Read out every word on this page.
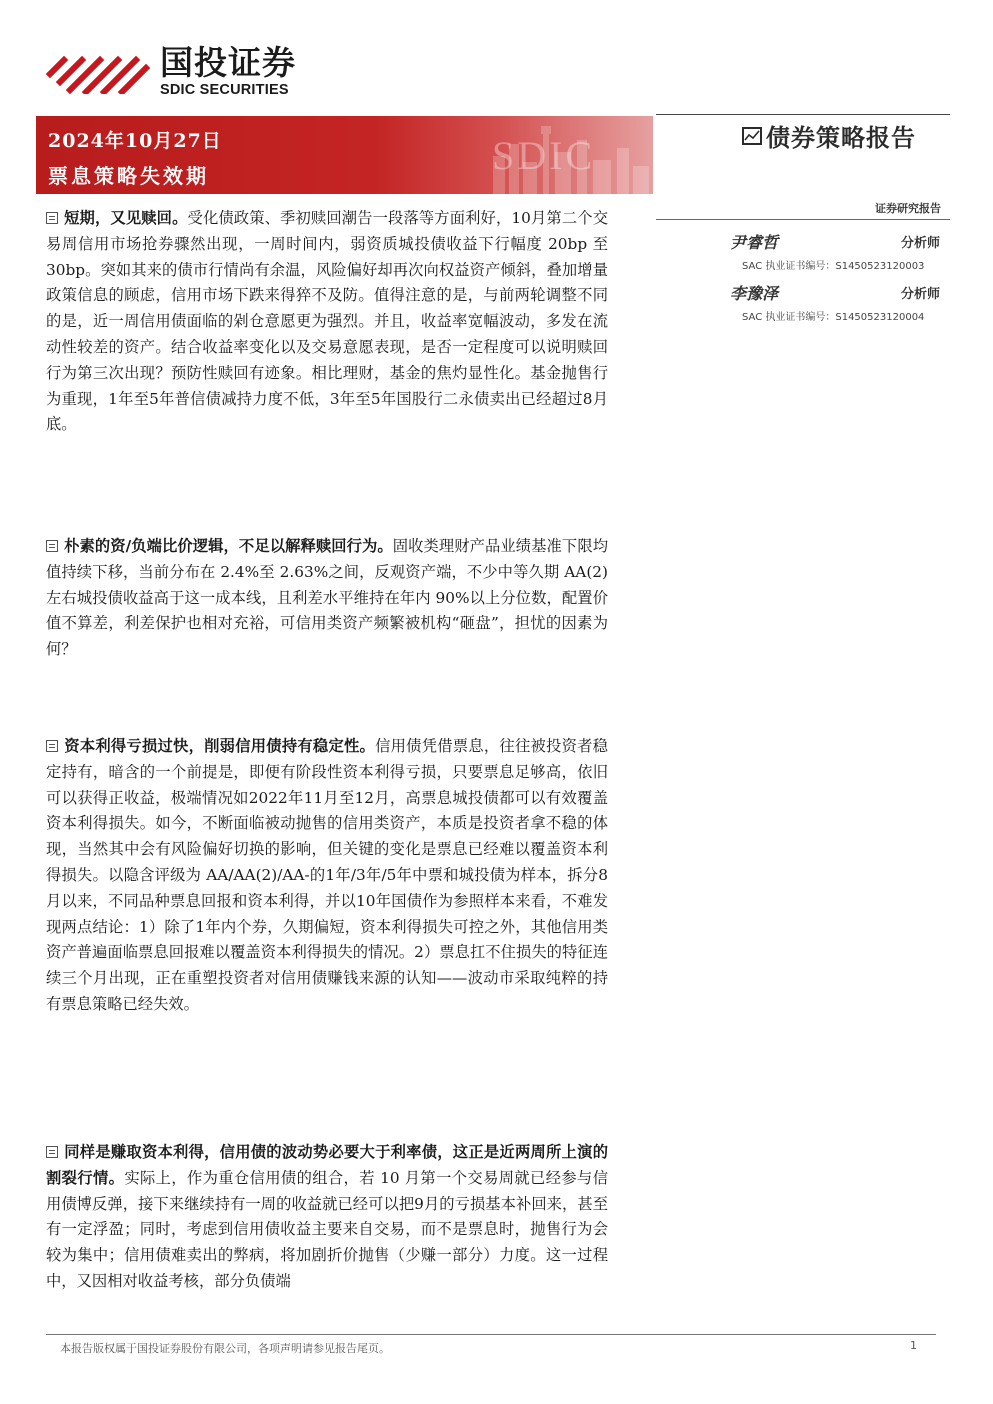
国投证券
SDIC SECURITIES
SDIC
2024年10月27日
票息策略失效期
债券策略报告
证券研究报告
尹睿哲	分析师
SAC 执业证书编号：S1450523120003
李豫泽	分析师
SAC 执业证书编号：S1450523120004
短期，又见赎回。受化债政策、季初赎回潮告一段落等方面利好，10月第二个交易周信用市场抢券骤然出现，一周时间内，弱资质城投债收益下行幅度 20bp 至 30bp。突如其来的债市行情尚有余温，风险偏好却再次向权益资产倾斜，叠加增量政策信息的顾虑，信用市场下跌来得猝不及防。值得注意的是，与前两轮调整不同的是，近一周信用债面临的剁仓意愿更为强烈。并且，收益率宽幅波动，多发在流动性较差的资产。结合收益率变化以及交易意愿表现，是否一定程度可以说明赎回行为第三次出现？预防性赎回有迹象。相比理财，基金的焦灼显性化。基金抛售行为重现，1年至5年普信债减持力度不低，3年至5年国股行二永债卖出已经超过8月底。
朴素的资/负端比价逻辑，不足以解释赎回行为。固收类理财产品业绩基准下限均值持续下移，当前分布在 2.4%至 2.63%之间，反观资产端，不少中等久期 AA(2) 左右城投债收益高于这一成本线，且利差水平维持在年内 90%以上分位数，配置价值不算差，利差保护也相对充裕，可信用类资产频繁被机构“砸盘”，担忧的因素为何？
资本利得亏损过快，削弱信用债持有稳定性。信用债凭借票息，往往被投资者稳定持有，暗含的一个前提是，即便有阶段性资本利得亏损，只要票息足够高，依旧可以获得正收益，极端情况如2022年11月至12月，高票息城投债都可以有效覆盖资本利得损失。如今，不断面临被动抛售的信用类资产，本质是投资者拿不稳的体现，当然其中会有风险偏好切换的影响，但关键的变化是票息已经难以覆盖资本利得损失。以隐含评级为 AA/AA(2)/AA-的1年/3年/5年中票和城投债为样本，拆分8月以来，不同品种票息回报和资本利得，并以10年国债作为参照样本来看，不难发现两点结论：1）除了1年内个券，久期偏短，资本利得损失可控之外，其他信用类资产普遍面临票息回报难以覆盖资本利得损失的情况。2）票息扛不住损失的特征连续三个月出现，正在重塑投资者对信用债赚钱来源的认知——波动市采取纯粹的持有票息策略已经失效。
同样是赚取资本利得，信用债的波动势必要大于利率债，这正是近两周所上演的割裂行情。实际上，作为重仓信用债的组合，若 10 月第一个交易周就已经参与信用债博反弹，接下来继续持有一周的收益就已经可以把9月的亏损基本补回来，甚至有一定浮盈；同时，考虑到信用债收益主要来自交易，而不是票息时，抛售行为会较为集中；信用债难卖出的弊病，将加剧折价抛售（少赚一部分）力度。这一过程中，又因相对收益考核，部分负债端
本报告版权属于国投证券股份有限公司，各项声明请参见报告尾页。	1
